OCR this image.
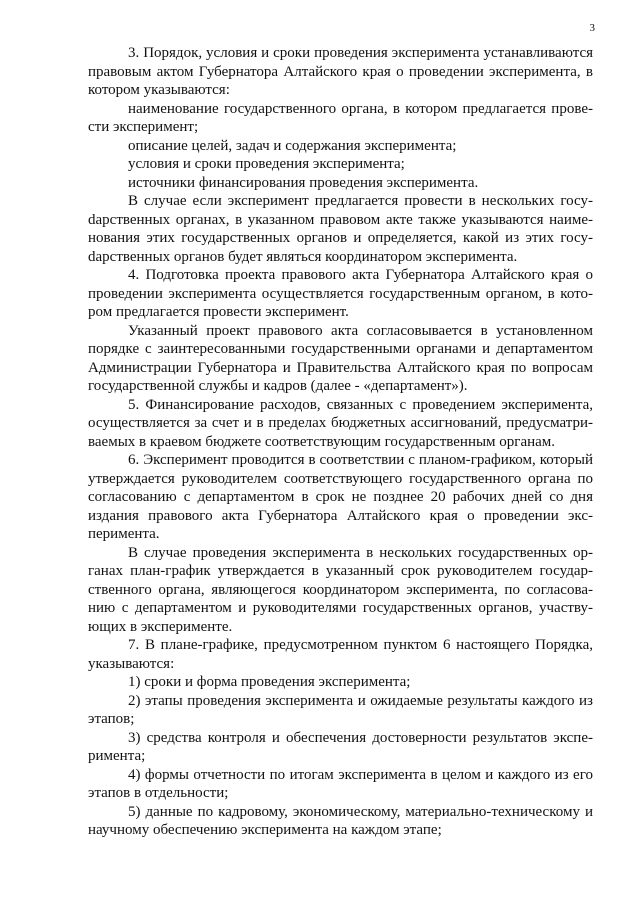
3

3. Порядок, условия и сроки проведения эксперимента устанавливаются правовым актом Губернатора Алтайского края о проведении эксперимента, в котором указываются:

наименование государственного органа, в котором предлагается провести эксперимент;

описание целей, задач и содержания эксперимента;

условия и сроки проведения эксперимента;

источники финансирования проведения эксперимента.

В случае если эксперимент предлагается провести в нескольких госуdарственных органах, в указанном правовом акте также указываются наименования этих государственных органов и определяется, какой из этих госуdарственных органов будет являться координатором эксперимента.

4. Подготовка проекта правового акта Губернатора Алтайского края о проведении эксперимента осуществляется государственным органом, в котором предлагается провести эксперимент.

Указанный проект правового акта согласовывается в установленном порядке с заинтересованными государственными органами и департаментом Администрации Губернатора и Правительства Алтайского края по вопросам государственной службы и кадров (далее - «департамент»).

5. Финансирование расходов, связанных с проведением эксперимента, осуществляется за счет и в пределах бюджетных ассигнований, предусматриваемых в краевом бюджете соответствующим государственным органам.

6. Эксперимент проводится в соответствии с планом-графиком, который утверждается руководителем соответствующего государственного органа по согласованию с департаментом в срок не позднее 20 рабочих дней со дня издания правового акта Губернатора Алтайского края о проведении эксперимента.

В случае проведения эксперимента в нескольких государственных органах план-график утверждается в указанный срок руководителем государственного органа, являющегося координатором эксперимента, по согласованию с департаментом и руководителями государственных органов, участвующих в эксперименте.

7. В плане-графике, предусмотренном пунктом 6 настоящего Порядка, указываются:

1) сроки и форма проведения эксперимента;

2) этапы проведения эксперимента и ожидаемые результаты каждого из этапов;

3) средства контроля и обеспечения достоверности результатов эксперимента;

4) формы отчетности по итогам эксперимента в целом и каждого из его этапов в отдельности;

5) данные по кадровому, экономическому, материально-техническому и научному обеспечению эксперимента на каждом этапе;
